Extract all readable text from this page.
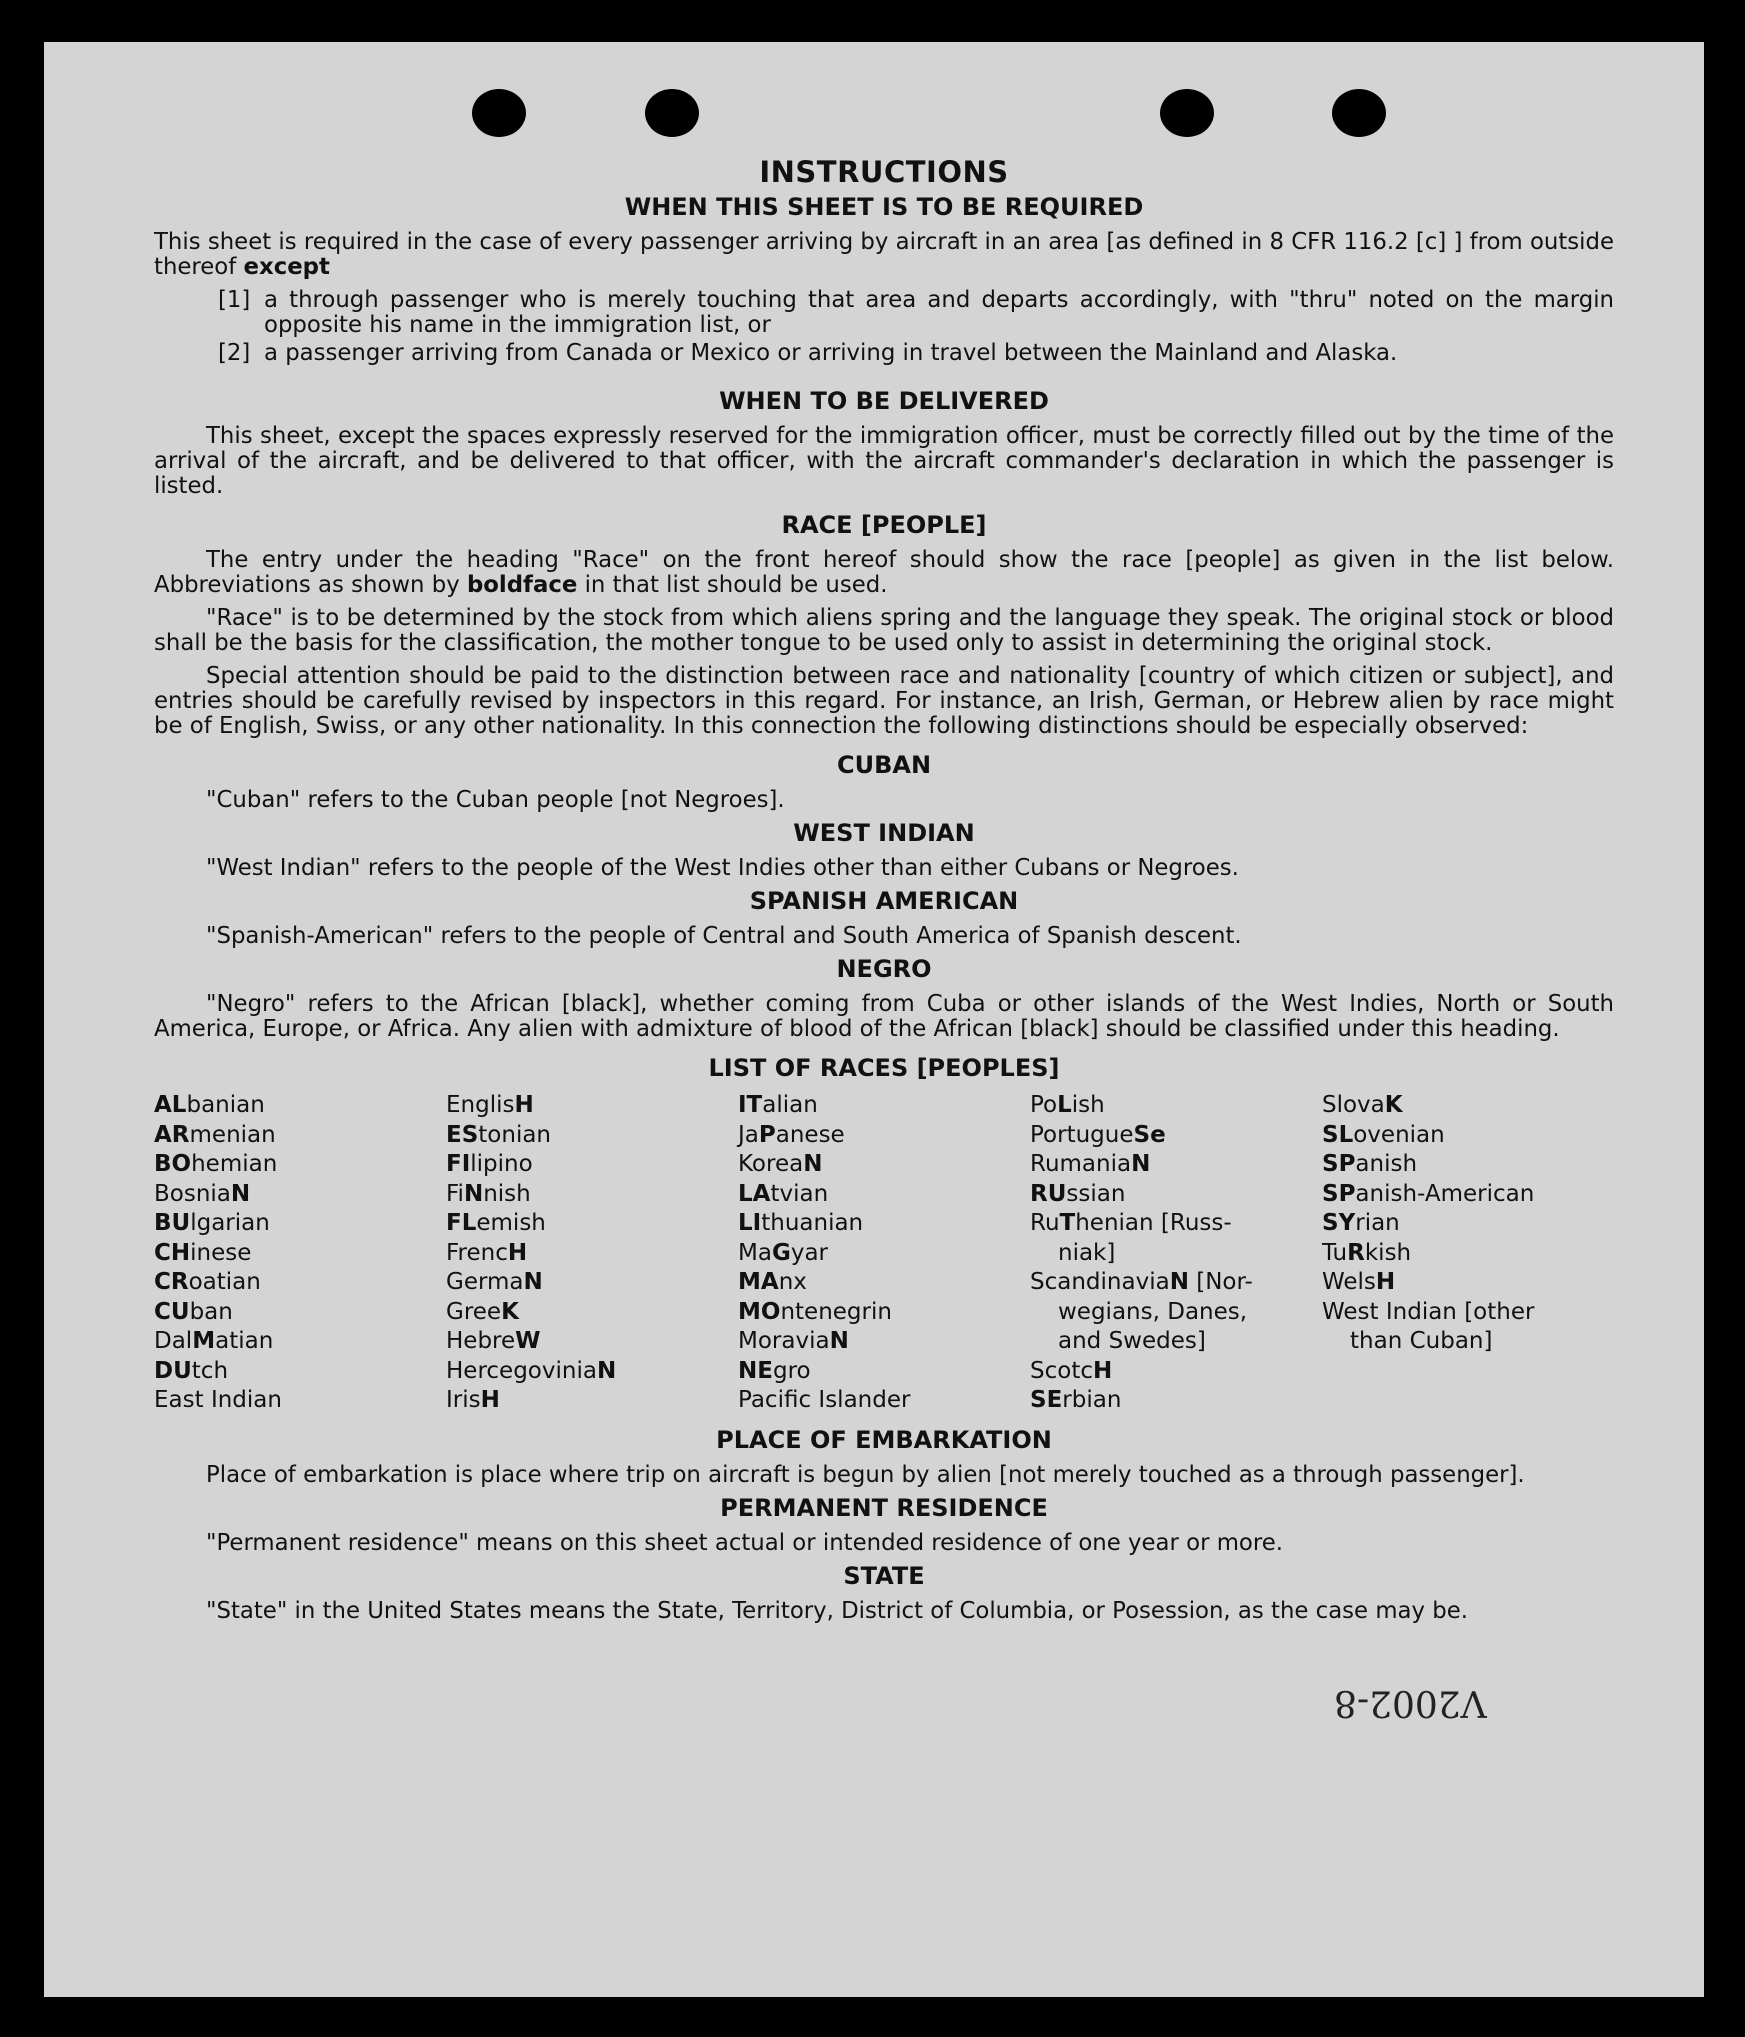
INSTRUCTIONS
WHEN THIS SHEET IS TO BE REQUIRED

This sheet is required in the case of every passenger arriving by aircraft in an area [as defined in 8 CFR 116.2 [c] ] from outside thereof except

[1] a through passenger who is merely touching that area and departs accordingly, with "thru" noted on the margin opposite his name in the immigration list, or
[2] a passenger arriving from Canada or Mexico or arriving in travel between the Mainland and Alaska.
WHEN TO BE DELIVERED

This sheet, except the spaces expressly reserved for the immigration officer, must be correctly filled out by the time of the arrival of the aircraft, and be delivered to that officer, with the aircraft commander's declaration in which the passenger is listed.

RACE [PEOPLE]

The entry under the heading "Race" on the front hereof should show the race [people] as given in the list below. Abbreviations as shown by boldface in that list should be used.

"Race" is to be determined by the stock from which aliens spring and the language they speak. The original stock or blood shall be the basis for the classification, the mother tongue to be used only to assist in determining the original stock.

Special attention should be paid to the distinction between race and nationality [country of which citizen or subject], and entries should be carefully revised by inspectors in this regard. For instance, an Irish, German, or Hebrew alien by race might be of English, Swiss, or any other nationality. In this connection the following distinctions should be especially observed:

CUBAN

"Cuban" refers to the Cuban people [not Negroes].

WEST INDIAN

"West Indian" refers to the people of the West Indies other than either Cubans or Negroes.

SPANISH AMERICAN

"Spanish-American" refers to the people of Central and South America of Spanish descent.

NEGRO

"Negro" refers to the African [black], whether coming from Cuba or other islands of the West Indies, North or South America, Europe, or Africa. Any alien with admixture of blood of the African [black] should be classified under this heading.

LIST OF RACES [PEOPLES]
ALbanian
ARmenian
BOhemian
BosniaN
BUlgarian
CHinese
CRoatian
CUban
DalMatian
DUtch
East Indian
EnglisH
EStonian
FIlipino
FiNnish
FLemish
FrencH
GermaN
GreeK
HebreW
HercegoviniaN
IrisH
ITalian
JaPanese
KoreaN
LAtvian
LIthuanian
MaGyar
MAnx
MOntenegrin
MoraviaN
NEgro
Pacific Islander
PoLish
PortugueSe
RumaniaN
RUssian
RuThenian [Russ-
niak]
ScandinaviaN [Nor-
wegians, Danes,
and Swedes]
ScotcH
SErbian
SlovaK
SLovenian
SPanish
SPanish-American
SYrian
TuRkish
WelsH
West Indian [other
than Cuban]
PLACE OF EMBARKATION

Place of embarkation is place where trip on aircraft is begun by alien [not merely touched as a through passenger].

PERMANENT RESIDENCE

"Permanent residence" means on this sheet actual or intended residence of one year or more.

STATE

"State" in the United States means the State, Territory, District of Columbia, or Posession, as the case may be.

V2002-8
